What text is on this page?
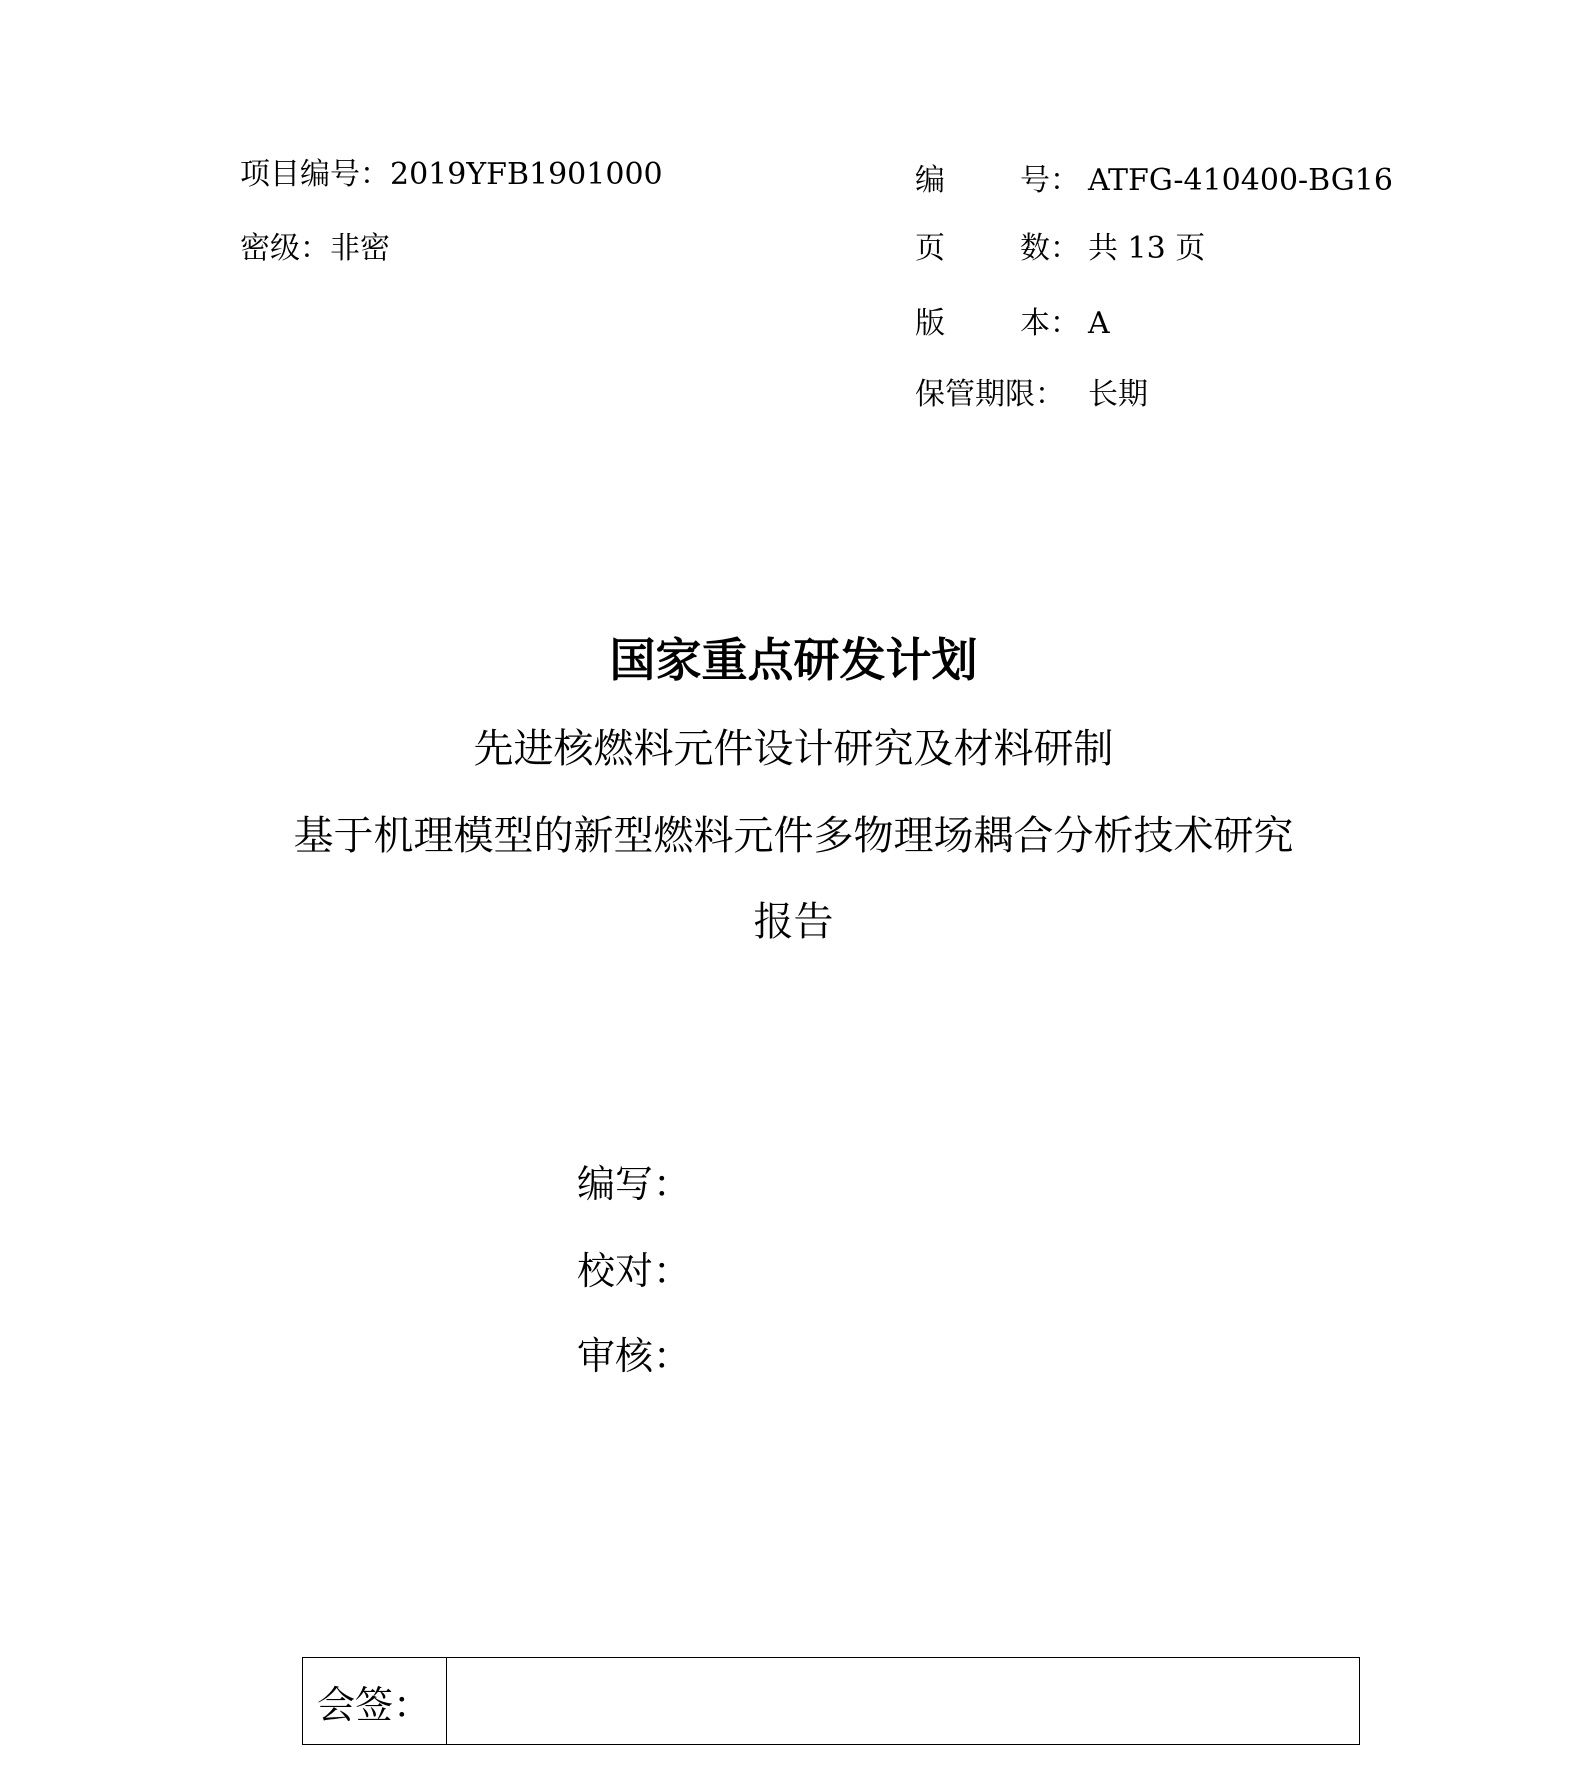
项目编号：2019YFB1901000
密级：非密
编	号： ATFG-410400-BG16
页	数： 共 13 页
版	本： A
保管期限： 长期
国家重点研发计划
先进核燃料元件设计研究及材料研制
基于机理模型的新型燃料元件多物理场耦合分析技术研究
报告
编写：
校对：
审核：
会签：
